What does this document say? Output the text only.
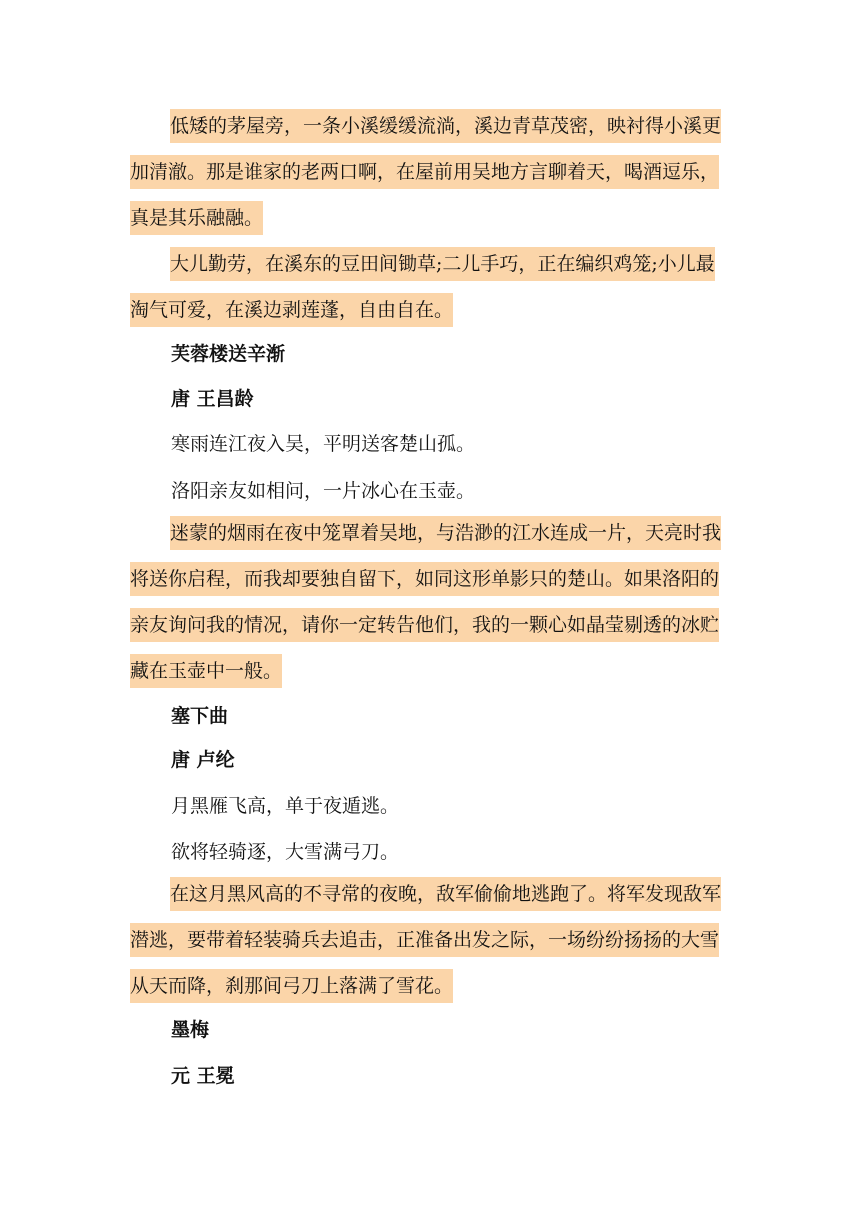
低矮的茅屋旁，一条小溪缓缓流淌，溪边青草茂密，映衬得小溪更加清澈。那是谁家的老两口啊，在屋前用吴地方言聊着天，喝酒逗乐，真是其乐融融。

大儿勤劳，在溪东的豆田间锄草;二儿手巧，正在编织鸡笼;小儿最淘气可爱，在溪边剥莲蓬，自由自在。

芙蓉楼送辛渐
唐 王昌龄
寒雨连江夜入吴，平明送客楚山孤。
洛阳亲友如相问，一片冰心在玉壶。

迷蒙的烟雨在夜中笼罩着吴地，与浩渺的江水连成一片，天亮时我将送你启程，而我却要独自留下，如同这形单影只的楚山。如果洛阳的亲友询问我的情况，请你一定转告他们，我的一颗心如晶莹剔透的冰贮藏在玉壶中一般。

塞下曲
唐 卢纶
月黑雁飞高，单于夜遁逃。
欲将轻骑逐，大雪满弓刀。

在这月黑风高的不寻常的夜晚，敌军偷偷地逃跑了。将军发现敌军潜逃，要带着轻装骑兵去追击，正准备出发之际，一场纷纷扬扬的大雪从天而降，刹那间弓刀上落满了雪花。

墨梅
元 王冕
